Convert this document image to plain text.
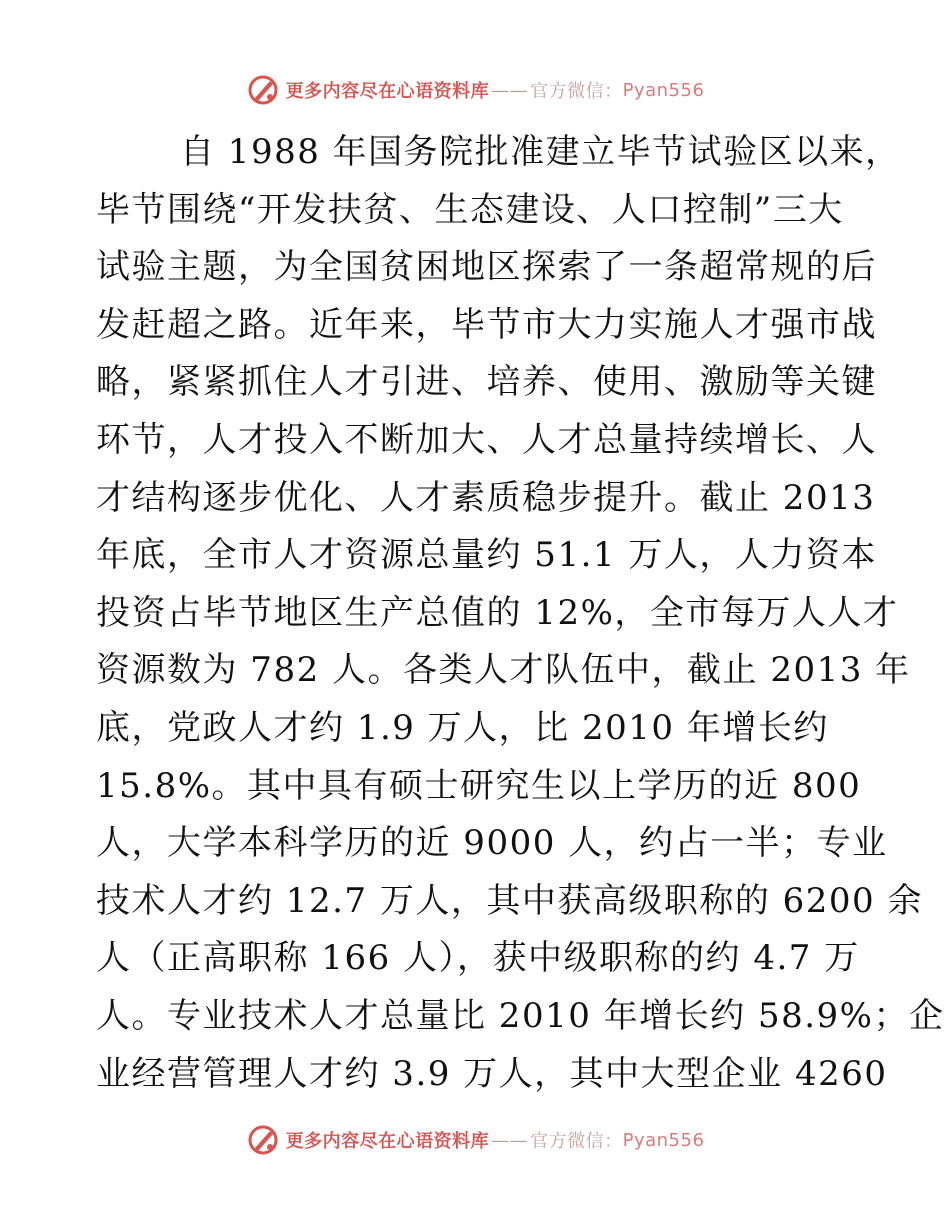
更多内容尽在心语资料库 —— 官方微信： Pyan556
自 1988 年国务院批准建立毕节试验区以来，
毕节围绕“开发扶贫、生态建设、人口控制”三大
试验主题，为全国贫困地区探索了一条超常规的后
发赶超之路。近年来，毕节市大力实施人才强市战
略，紧紧抓住人才引进、培养、使用、激励等关键
环节，人才投入不断加大、人才总量持续增长、人
才结构逐步优化、人才素质稳步提升。截止 2013
年底，全市人才资源总量约 51.1 万人，人力资本
投资占毕节地区生产总值的 12%，全市每万人人才
资源数为 782 人。各类人才队伍中，截止 2013 年
底，党政人才约 1.9 万人，比 2010 年增长约
15.8%。其中具有硕士研究生以上学历的近 800
人，大学本科学历的近 9000 人，约占一半；专业
技术人才约 12.7 万人，其中获高级职称的 6200 余
人（正高职称 166 人），获中级职称的约 4.7 万
人。专业技术人才总量比 2010 年增长约 58.9%；企
业经营管理人才约 3.9 万人，其中大型企业 4260
更多内容尽在心语资料库 —— 官方微信： Pyan556
